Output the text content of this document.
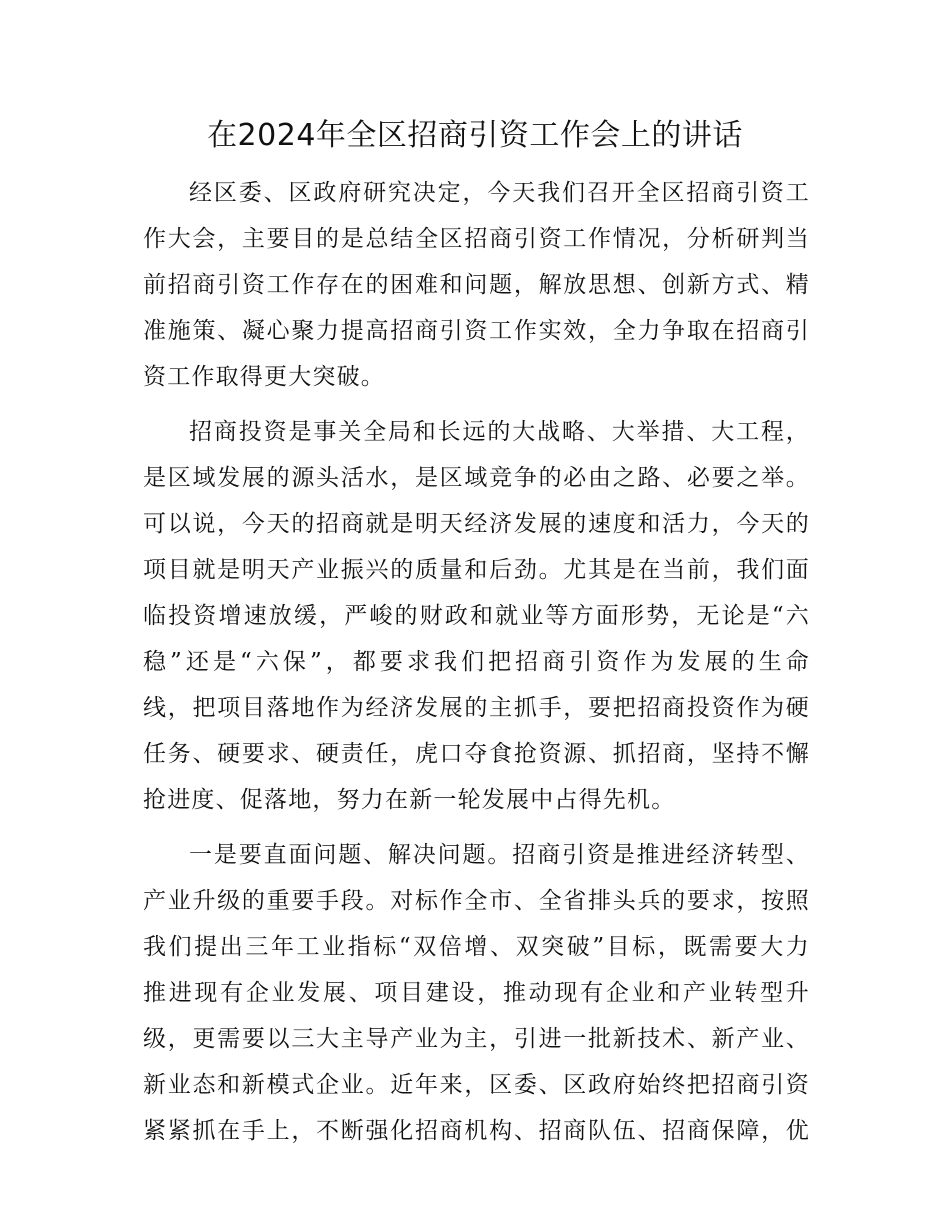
在2024年全区招商引资工作会上的讲话
经区委、区政府研究决定，今天我们召开全区招商引资工
作大会，主要目的是总结全区招商引资工作情况，分析研判当
前招商引资工作存在的困难和问题，解放思想、创新方式、精
准施策、凝心聚力提高招商引资工作实效，全力争取在招商引
资工作取得更大突破。
招商投资是事关全局和长远的大战略、大举措、大工程，
是区域发展的源头活水，是区域竞争的必由之路、必要之举。
可以说，今天的招商就是明天经济发展的速度和活力，今天的
项目就是明天产业振兴的质量和后劲。尤其是在当前，我们面
临投资增速放缓，严峻的财政和就业等方面形势，无论是“六
稳”还是“六保”，都要求我们把招商引资作为发展的生命
线，把项目落地作为经济发展的主抓手，要把招商投资作为硬
任务、硬要求、硬责任，虎口夺食抢资源、抓招商，坚持不懈
抢进度、促落地，努力在新一轮发展中占得先机。
一是要直面问题、解决问题。招商引资是推进经济转型、
产业升级的重要手段。对标作全市、全省排头兵的要求，按照
我们提出三年工业指标“双倍增、双突破”目标，既需要大力
推进现有企业发展、项目建设，推动现有企业和产业转型升
级，更需要以三大主导产业为主，引进一批新技术、新产业、
新业态和新模式企业。近年来，区委、区政府始终把招商引资
紧紧抓在手上，不断强化招商机构、招商队伍、招商保障，优
